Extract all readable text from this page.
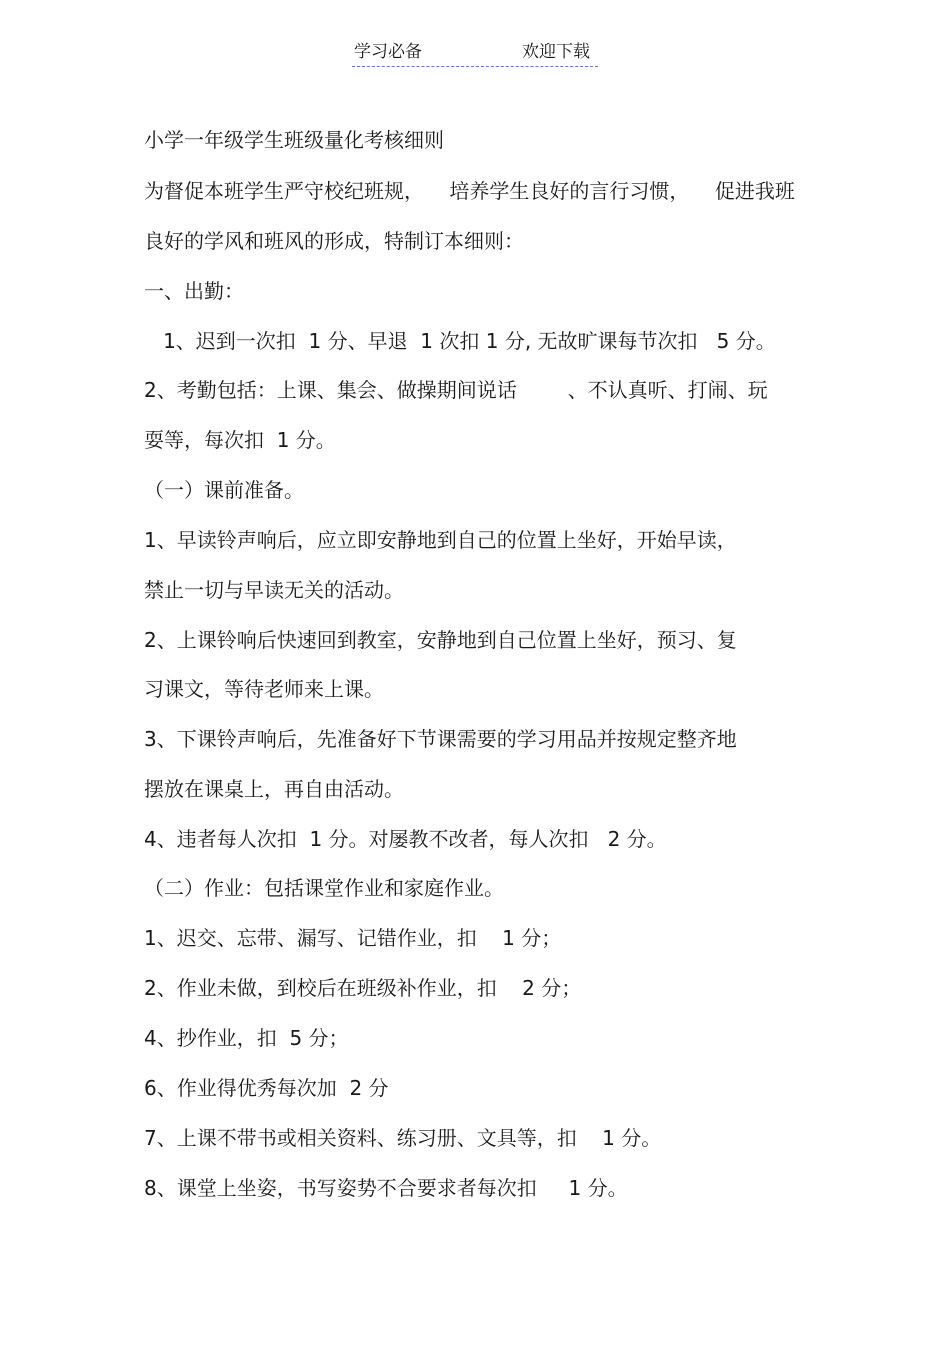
学习必备	欢迎下载
小学一年级学生班级量化考核细则
为督促本班学生严守校纪班规，    培养学生良好的言行习惯，    促进我班
良好的学风和班风的形成，特制订本细则：
一、出勤：
1、迟到一次扣  1 分、早退  1 次扣 1 分, 无故旷课每节次扣   5 分。
2、考勤包括：上课、集会、做操期间说话        、不认真听、打闹、玩
耍等，每次扣  1 分。
（一）课前准备。
1、早读铃声响后，应立即安静地到自己的位置上坐好，开始早读，
禁止一切与早读无关的活动。
2、上课铃响后快速回到教室，安静地到自己位置上坐好，预习、复
习课文，等待老师来上课。
3、下课铃声响后，先准备好下节课需要的学习用品并按规定整齐地
摆放在课桌上，再自由活动。
4、违者每人次扣  1 分。对屡教不改者，每人次扣   2 分。
（二）作业：包括课堂作业和家庭作业。
1、迟交、忘带、漏写、记错作业，扣    1 分；
2、作业未做，到校后在班级补作业，扣    2 分；
4、抄作业，扣  5 分；
6、作业得优秀每次加  2 分
7、上课不带书或相关资料、练习册、文具等，扣    1 分。
8、课堂上坐姿，书写姿势不合要求者每次扣     1 分。
